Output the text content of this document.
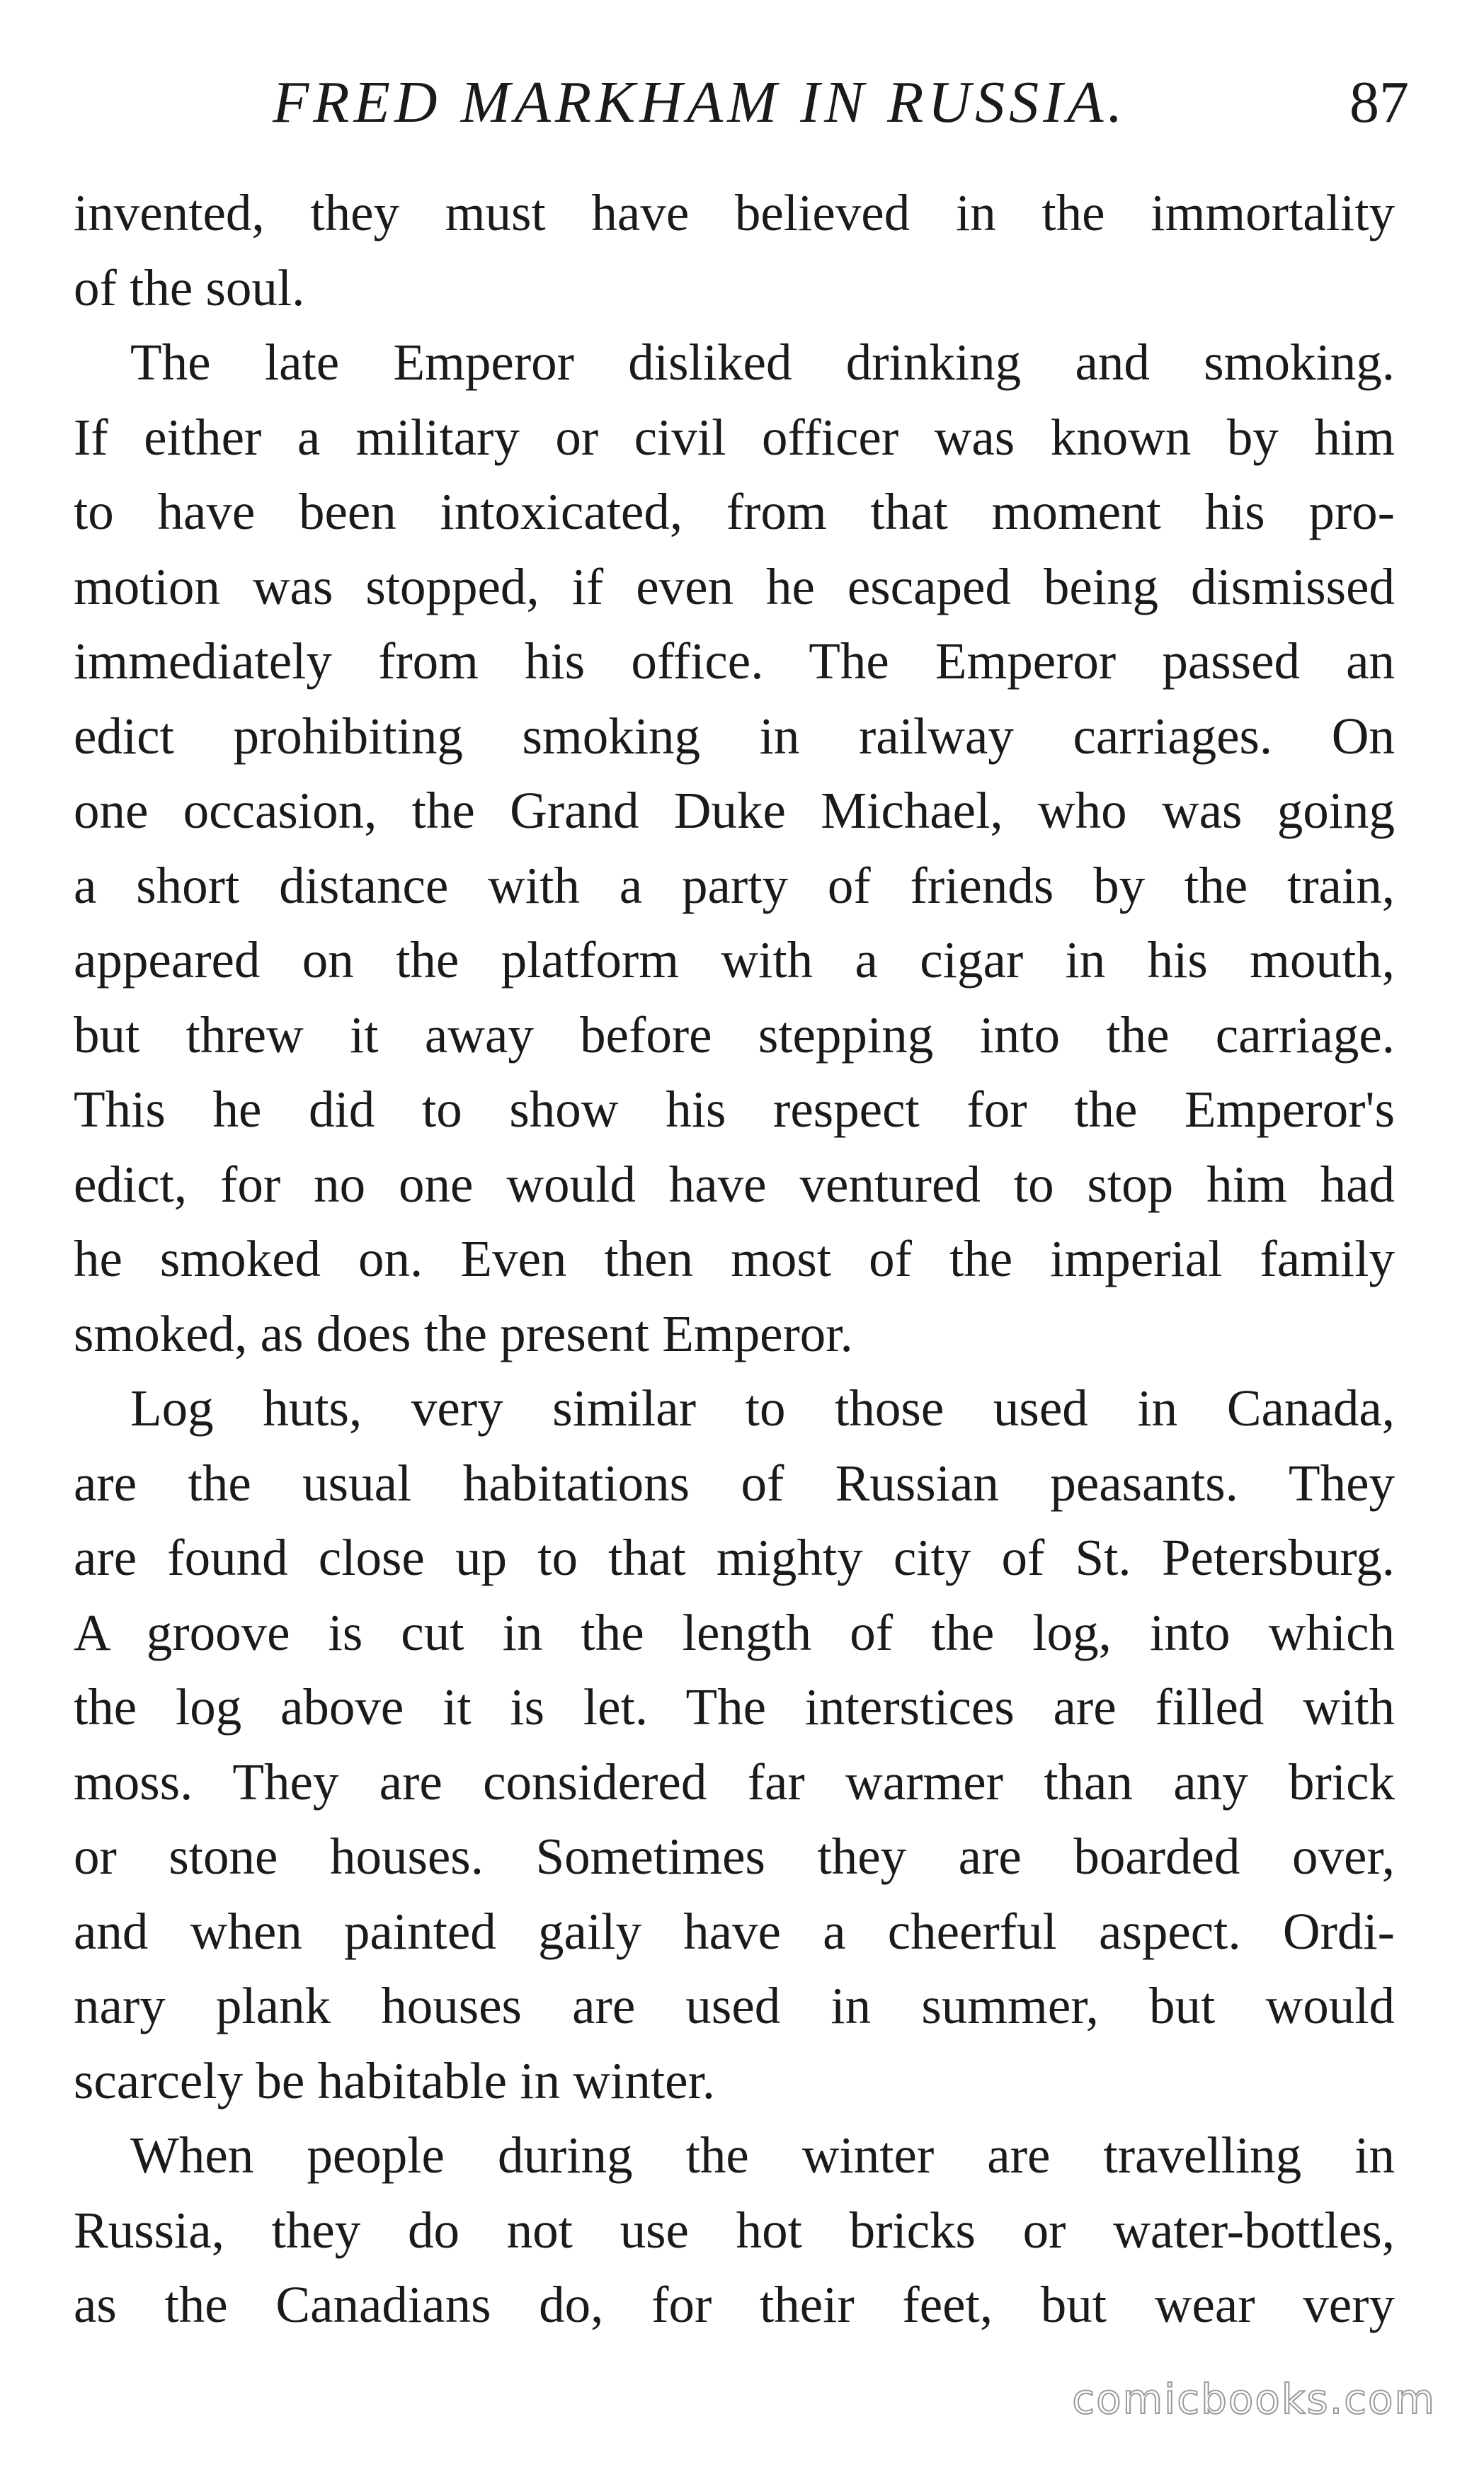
FRED MARKHAM IN RUSSIA.	87
invented, they must have believed in the immortality
of the soul.
The late Emperor disliked drinking and smoking.
If either a military or civil officer was known by him
to have been intoxicated, from that moment his pro-
motion was stopped, if even he escaped being dismissed
immediately from his office. The Emperor passed an
edict prohibiting smoking in railway carriages. On
one occasion, the Grand Duke Michael, who was going
a short distance with a party of friends by the train,
appeared on the platform with a cigar in his mouth,
but threw it away before stepping into the carriage.
This he did to show his respect for the Emperor's
edict, for no one would have ventured to stop him had
he smoked on. Even then most of the imperial family
smoked, as does the present Emperor.
Log huts, very similar to those used in Canada,
are the usual habitations of Russian peasants. They
are found close up to that mighty city of St. Petersburg.
A groove is cut in the length of the log, into which
the log above it is let. The interstices are filled with
moss. They are considered far warmer than any brick
or stone houses. Sometimes they are boarded over,
and when painted gaily have a cheerful aspect. Ordi-
nary plank houses are used in summer, but would
scarcely be habitable in winter.
When people during the winter are travelling in
Russia, they do not use hot bricks or water-bottles,
as the Canadians do, for their feet, but wear very
comicbooks.com
